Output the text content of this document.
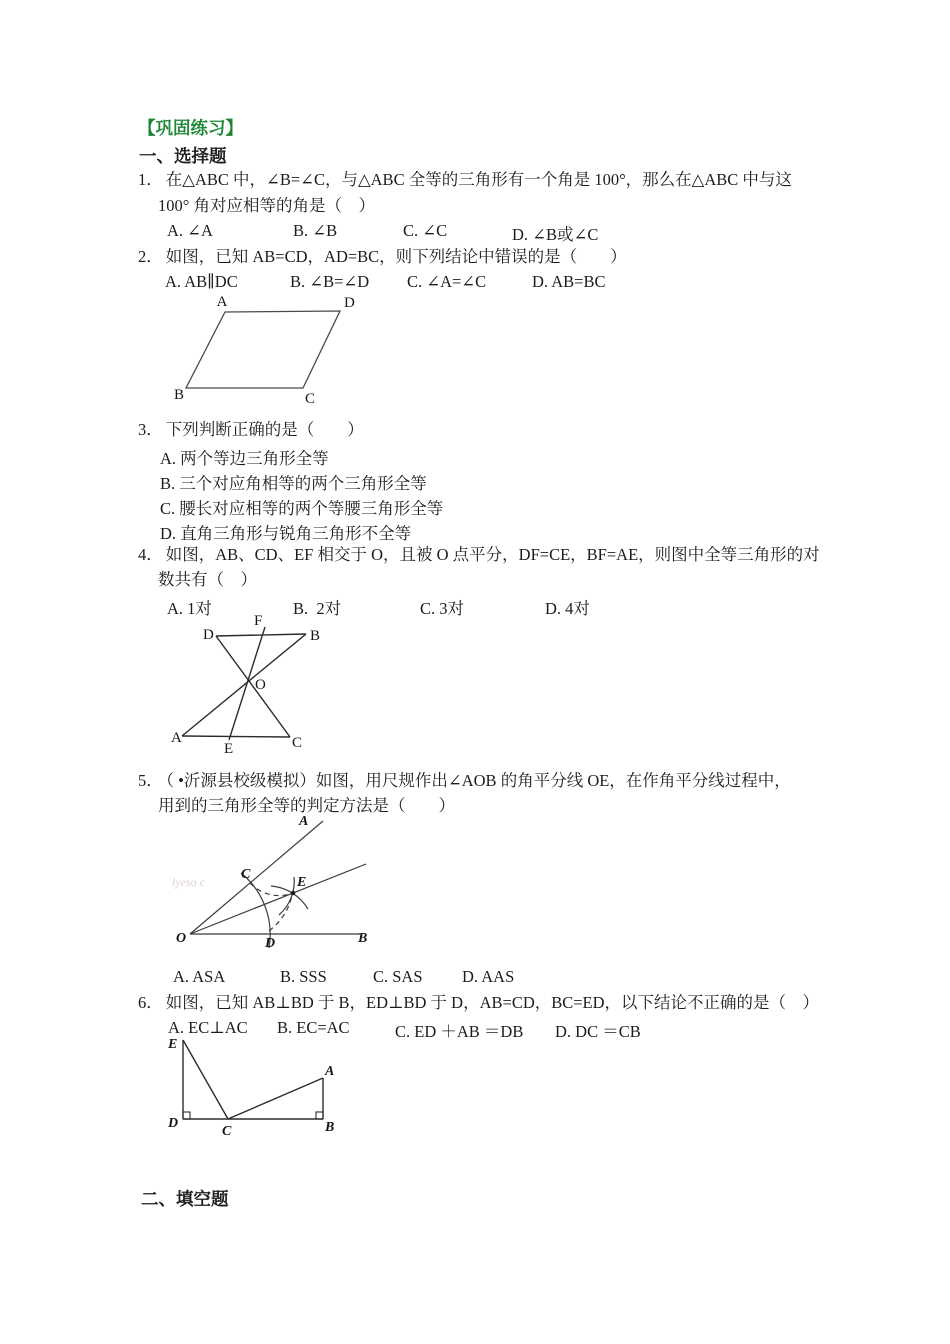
【巩固练习】
一、选择题
1． 在△ABC 中，∠B=∠C，与△ABC 全等的三角形有一个角是 100°，那么在△ABC 中与这
100° 角对应相等的角是（　）
A. ∠A	B. ∠B	C. ∠C	D. ∠B或∠C
2． 如图，已知 AB=CD，AD=BC，则下列结论中错误的是（　　）
A. AB∥DC	B. ∠B=∠D C. ∠A=∠C	D. AB=BC
A	D
B	C
3． 下列判断正确的是（　　）
A. 两个等边三角形全等
B. 三个对应角相等的两个三角形全等
C. 腰长对应相等的两个等腰三角形全等
D. 直角三角形与锐角三角形不全等
4． 如图，AB、CD、EF 相交于 O，且被 O 点平分，DF=CE，BF=AE，则图中全等三角形的对
数共有（　）
A. 1对	B.  2对	C. 3对	D. 4对
D
F
B
O
A
E	C
5． （ •沂源县校级模拟）如图，用尺规作出∠AOB 的角平分线 OE，在作角平分线过程中，
用到的三角形全等的判定方法是（　　）
lyeso c
A
C
E
O	D	B
A. ASA	B. SSS	C. SAS D. AAS
6． 如图，已知 AB⊥BD 于 B，ED⊥BD 于 D，AB=CD，BC=ED，以下结论不正确的是（　）
A. EC⊥AC B. EC=AC	C. ED ＋AB ＝DB D. DC ＝CB
E
D
C	B
A
二、填空题
